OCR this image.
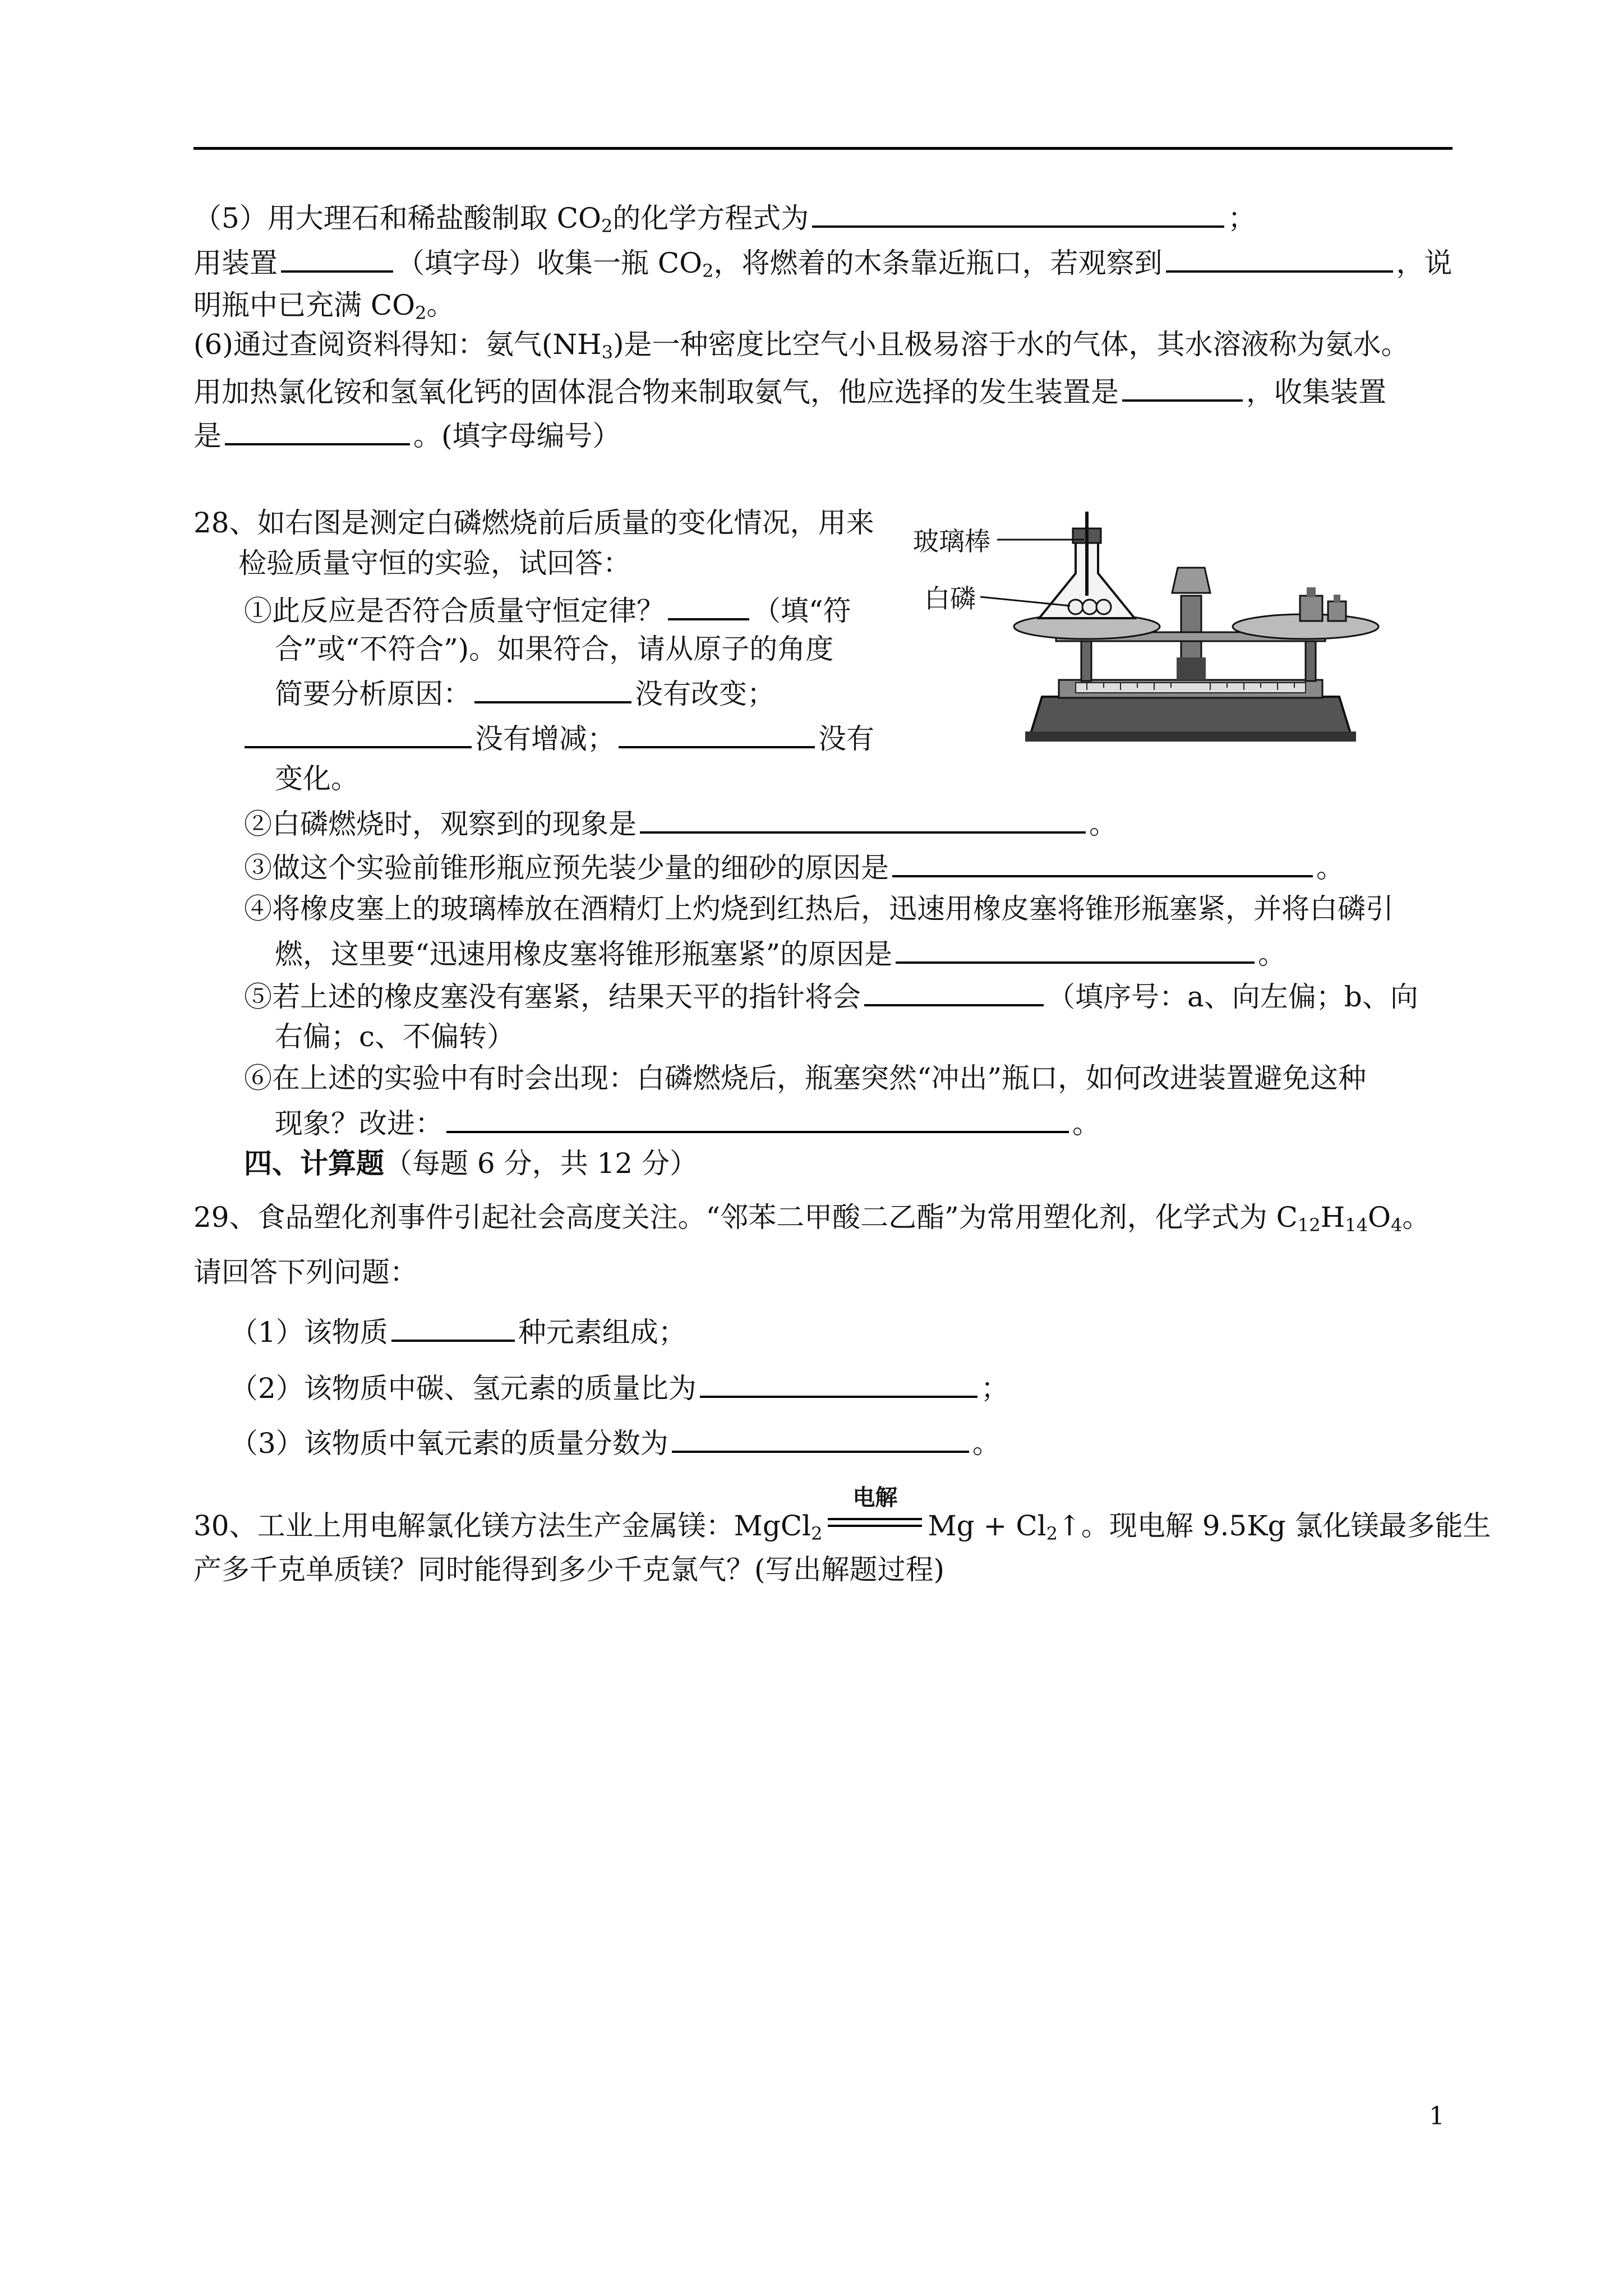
（5）用大理石和稀盐酸制取 $CO_2$的化学方程式为	；
用装置	（填字母）收集一瓶 $CO_2$，将燃着的木条靠近瓶口，若观察到	，说
明瓶中已充满 $CO_2$。
(6)通过查阅资料得知：氨气$(NH_3)$是一种密度比空气小且极易溶于水的气体，其水溶液称为氨水。
用加热氯化铵和氢氧化钙的固体混合物来制取氨气，他应选择的发生装置是	，收集装置
是	。(填字母编号）
28、如右图是测定白磷燃烧前后质量的变化情况，用来
检验质量守恒的实验，试回答：
①此反应是否符合质量守恒定律？	（填“符
合”或“不符合”)。如果符合，请从原子的角度
简要分析原因：	没有改变；
没有增减；	没有
变化。
②白磷燃烧时，观察到的现象是	。
③做这个实验前锥形瓶应预先装少量的细砂的原因是	。
④将橡皮塞上的玻璃棒放在酒精灯上灼烧到红热后，迅速用橡皮塞将锥形瓶塞紧，并将白磷引
燃，这里要“迅速用橡皮塞将锥形瓶塞紧”的原因是	。
⑤若上述的橡皮塞没有塞紧，结果天平的指针将会	（填序号：a、向左偏；b、向
右偏；c、不偏转）
⑥在上述的实验中有时会出现：白磷燃烧后，瓶塞突然“冲出”瓶口，如何改进装置避免这种
现象？改进：	。
玻璃棒
白磷
四、计算题（每题 6 分，共 12 分）
29、食品塑化剂事件引起社会高度关注。“邻苯二甲酸二乙酯”为常用塑化剂，化学式为 $C_{12}H_{14}O_4$。
请回答下列问题：
（1）该物质	种元素组成；
（2）该物质中碳、氢元素的质量比为	；
（3）该物质中氧元素的质量分数为	。
30、工业上用电解氯化镁方法生产金属镁：MgCl$_2$
电解
$Mg + Cl_2↑$。现电解 9.5Kg 氯化镁最多能生
产多千克单质镁？同时能得到多少千克氯气？(写出解题过程)
1
